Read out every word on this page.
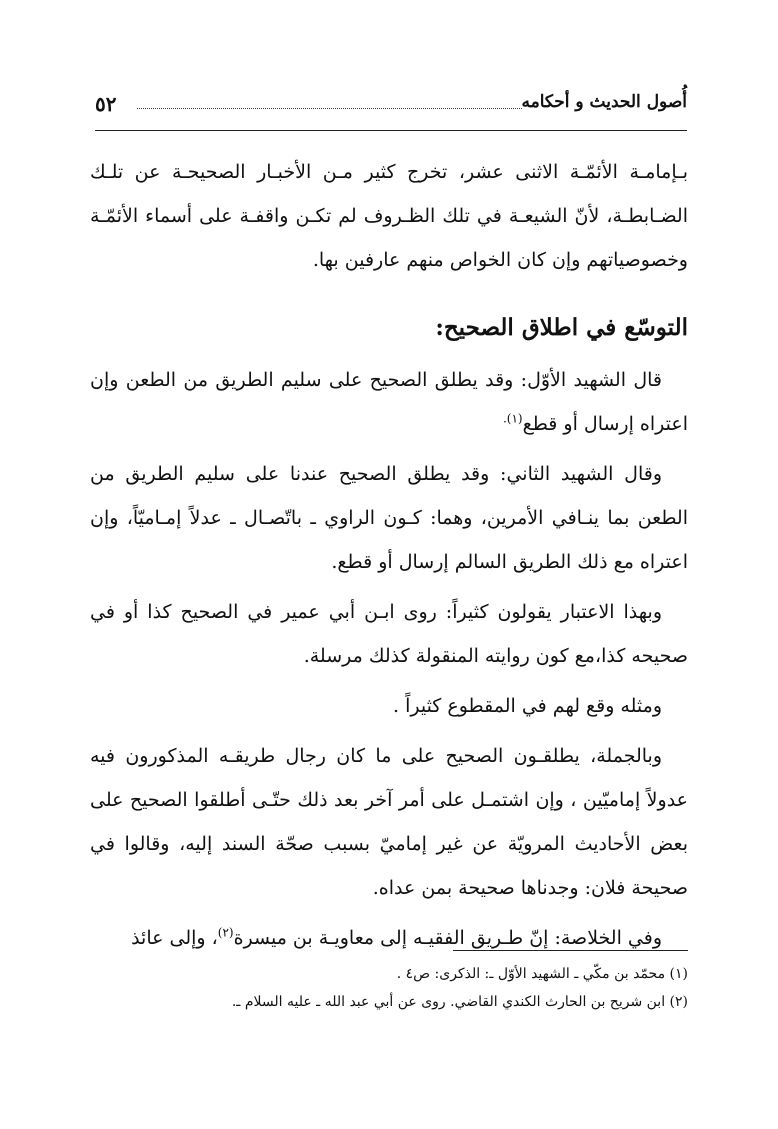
٥٢	أُصول الحديث و أحكامه

بـإمامـة الأئمّـة الاثنى عشر، تخرج كثير مـن الأخبـار الصحيحـة عن تلـك الضـابطـة، لأنّ الشيعـة في تلك الظـروف لم تكـن واقفـة على أسماء الأئمّـة وخصوصياتهم وإن كان الخواص منهم عارفين بها.

التوسّع في اطلاق الصحيح:

قال الشهيد الأوّل: وقد يطلق الصحيح على سليم الطريق من الطعن وإن اعتراه إرسال أو قطع$^{(١).}$

وقال الشهيد الثاني: وقد يطلق الصحيح عندنا على سليم الطريق من الطعن بما ينـافي الأمرين، وهما: كـون الراوي ـ باتّصـال ـ عدلاً إمـاميّاً، وإن اعتراه مع ذلك الطريق السالم إرسال أو قطع.

وبهذا الاعتبار يقولون كثيراً: روى ابـن أبي عمير في الصحيح كذا أو في صحيحه كذا،مع كون روايته المنقولة كذلك مرسلة.

ومثله وقع لهم في المقطوع كثيراً .

وبالجملة، يطلقـون الصحيح على ما كان رجال طريقـه المذكورون فيه عدولاً إماميّين ، وإن اشتمـل على أمر آخر بعد ذلك حتّـى أطلقوا الصحيح على بعض الأحاديث المرويّة عن غير إماميّ بسبب صحّة السند إليه، وقالوا في صحيحة فلان: وجدناها صحيحة بمن عداه.

وفي الخلاصة: إنّ طـريق الفقيـه إلى معاويـة بن ميسرة$^{(٢)}$، وإلى عائذ

(١) محمّد بن مكّي ـ الشهيد الأوّل ـ: الذكرى: ص٤ .

(٢) ابن شريح بن الحارث الكندي القاضي. روى عن أبي عبد الله ـ عليه السلام ـ.
